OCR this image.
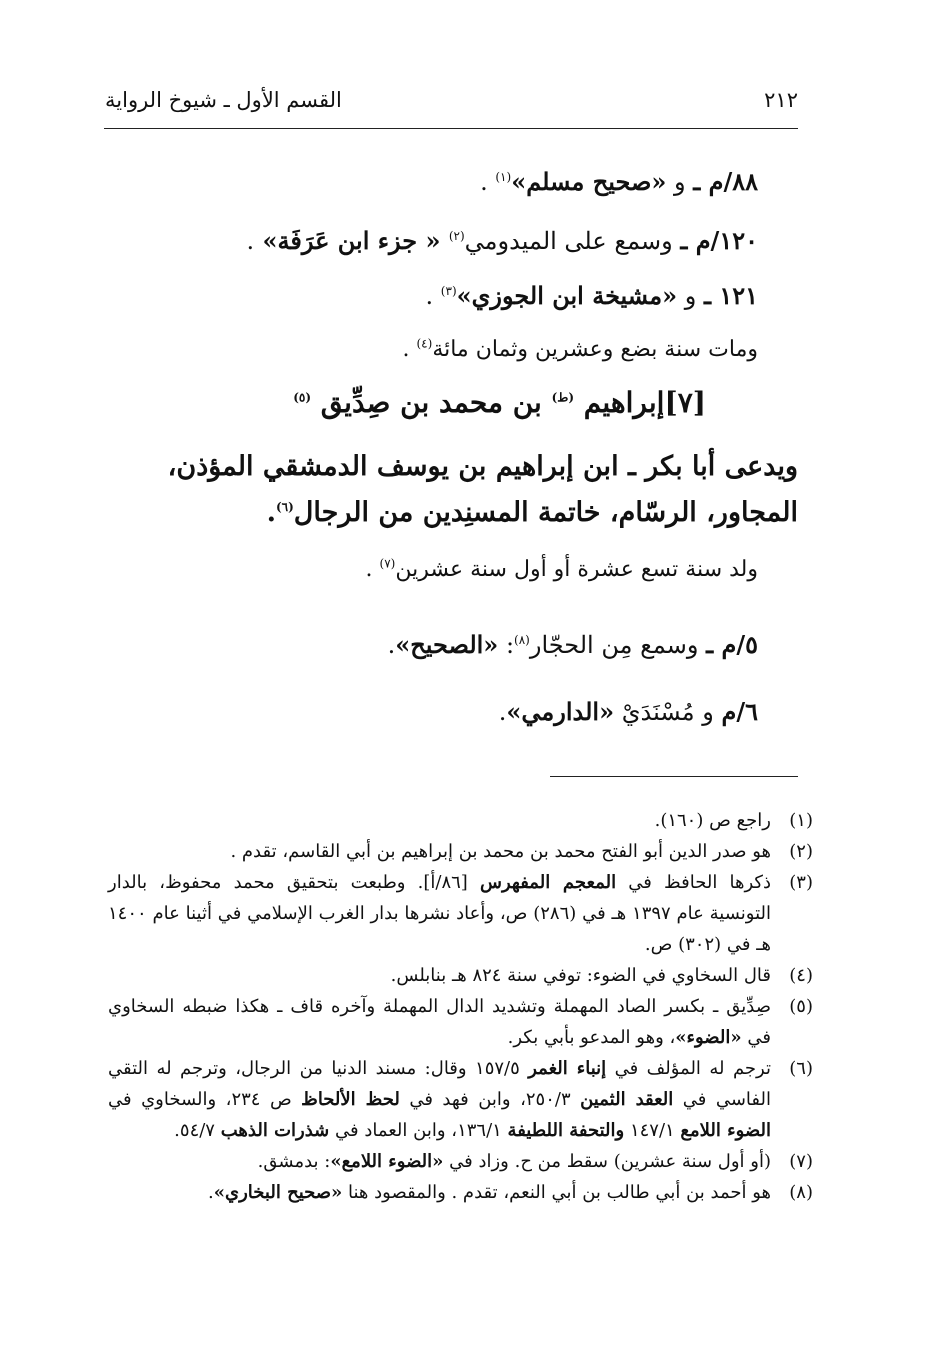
٢١٢
القسم الأول ـ شيوخ الرواية
٨٨/م ـ و «صحيح مسلم»$^{(١)}$ .
١٢٠/م ـ وسمع على الميدومي$^{(٢)}$ « جزء ابن عَرَفَة» .
١٢١ ـ و «مشيخة ابن الجوزي»$^{(٣)}$ .
ومات سنة بضع وعشرين وثمان مائة$^{(٤)}$ .
[٧]إبراهيم $^{(ط)}$ بن محمد بن صِدِّيق $^{(٥)}$
ويدعى أبا بكر ـ ابن إبراهيم بن يوسف الدمشقي المؤذن، المجاور، الرسّام، خاتمة المسنِدين من الرجال$^{(٦)}$.
ولد سنة تسع عشرة أو أول سنة عشرين$^{(٧)}$ .
٥/م ـ وسمع مِن الحجّار$^{(٨)}$: «الصحيح».
٦/م و مُسْنَدَيْ «الدارمي».
(١)
راجع ص (١٦٠).
(٢)
هو صدر الدين أبو الفتح محمد بن محمد بن إبراهيم بن أبي القاسم، تقدم .
(٣)
ذكرها الحافظ في المعجم المفهرس [٨٦/أ]. وطبعت بتحقيق محمد محفوظ، بالدار التونسية عام ١٣٩٧ هـ في (٢٨٦) ص، وأعاد نشرها بدار الغرب الإسلامي في أثينا عام ١٤٠٠ هـ في (٣٠٢) ص.
(٤)
قال السخاوي في الضوء: توفي سنة ٨٢٤ هـ بنابلس.
(٥)
صِدِّيق ـ بكسر الصاد المهملة وتشديد الدال المهملة وآخره قاف ـ هكذا ضبطه السخاوي في «الضوء»، وهو المدعو بأبي بكر.
(٦)
ترجم له المؤلف في إنباء الغمر ١٥٧/٥ وقال: مسند الدنيا من الرجال، وترجم له التقي الفاسي في العقد الثمين ٢٥٠/٣، وابن فهد في لحظ الألحاظ ص ٢٣٤، والسخاوي في الضوء اللامع ١٤٧/١ والتحفة اللطيفة ١٣٦/١، وابن العماد في شذرات الذهب ٥٤/٧.
(٧)
(أو أول سنة عشرين) سقط من ح. وزاد في «الضوء اللامع»: بدمشق.
(٨)
هو أحمد بن أبي طالب بن أبي النعم، تقدم . والمقصود هنا «صحيح البخاري».
